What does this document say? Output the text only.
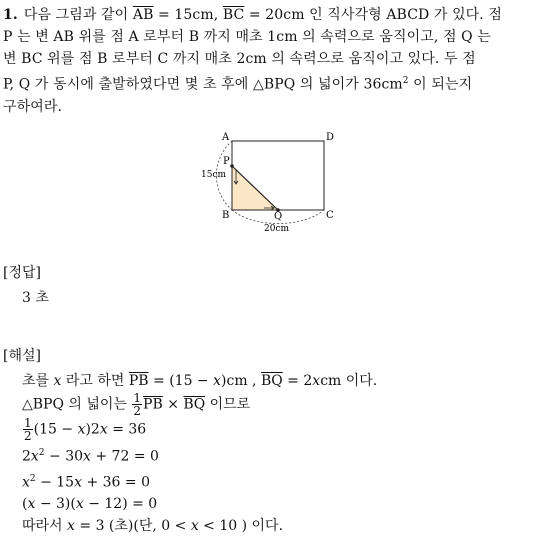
1. 다음 그림과 같이 $\overline{AB} = 15cm$, $\overline{BC} = 20cm$ 인 직사각형 ABCD 가 있다. 점
P 는 변 AB 위를 점 A 로부터 B 까지 매초 1cm 의 속력으로 움직이고, 점 Q 는
변 BC 위를 점 B 로부터 C 까지 매초 2cm 의 속력으로 움직이고 있다. 두 점
P, Q 가 동시에 출발하였다면 몇 초 후에 △BPQ 의 넓이가 $36cm^2$ 이 되는지
구하여라.
A	D
P
B	Q	C
15cm
20cm
[정답]
3 초
[해설]
초를 x 라고 하면 $\overline{PB} = (15 - x)cm$ , $\overline{BQ} = 2xcm$ 이다.
△BPQ 의 넓이는 $\frac{1}{2} \overline{PB} \times \overline{BQ}$ 이므로
$\frac{1}{2} (15 - x)2x = 36$
$2x^2 - 30x + 72 = 0$
$x^2 - 15x + 36 = 0$
(x − 3)(x − 12) = 0
따라서 x = 3 (초)(단, 0 < x < 10 ) 이다.
